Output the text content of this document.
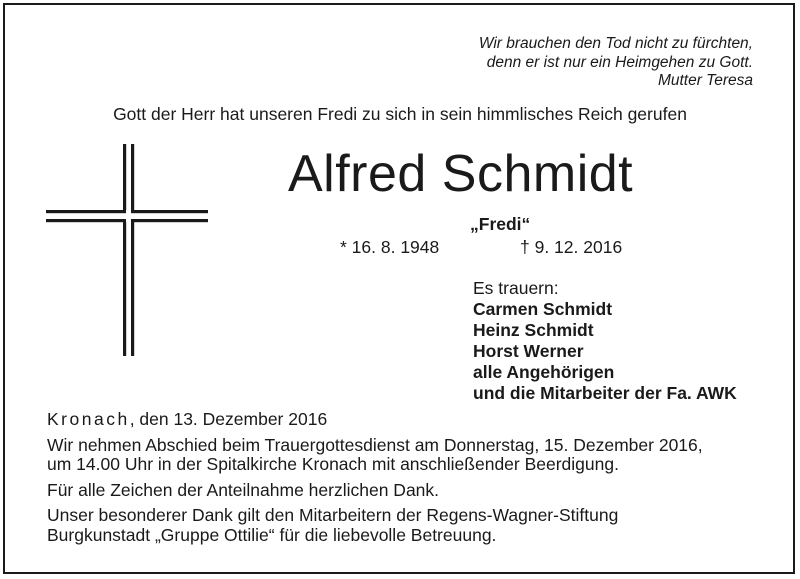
Wir brauchen den Tod nicht zu fürchten,
denn er ist nur ein Heimgehen zu Gott.
Mutter Teresa
Gott der Herr hat unseren Fredi zu sich in sein himmlisches Reich gerufen
Alfred Schmidt
„Fredi“
* 16. 8. 1948	† 9. 12. 2016
Es trauern:
Carmen Schmidt
Heinz Schmidt
Horst Werner
alle Angehörigen
und die Mitarbeiter der Fa. AWK
Kronach, den 13. Dezember 2016
Wir nehmen Abschied beim Trauergottesdienst am Donnerstag, 15. Dezember 2016,
um 14.00 Uhr in der Spitalkirche Kronach mit anschließender Beerdigung.
Für alle Zeichen der Anteilnahme herzlichen Dank.
Unser besonderer Dank gilt den Mitarbeitern der Regens-Wagner-Stiftung
Burgkunstadt „Gruppe Ottilie“ für die liebevolle Betreuung.
